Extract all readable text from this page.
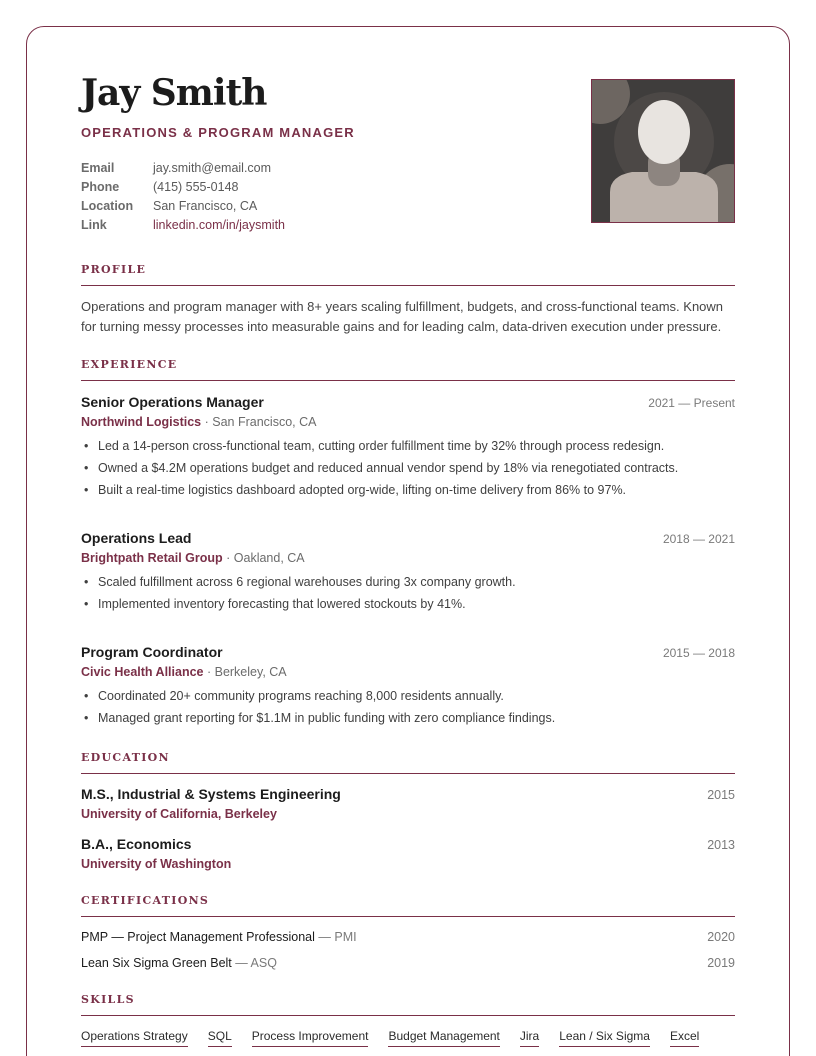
Jay Smith
OPERATIONS & PROGRAM MANAGER
Email	jay.smith@email.com
Phone	(415) 555-0148
Location	San Francisco, CA
Link	linkedin.com/in/jaysmith
PROFILE
Operations and program manager with 8+ years scaling fulfillment, budgets, and cross-functional teams. Known for turning messy processes into measurable gains and for leading calm, data-driven execution under pressure.
EXPERIENCE
Senior Operations Manager	2021 — Present
Northwind Logistics · San Francisco, CA
• Led a 14-person cross-functional team, cutting order fulfillment time by 32% through process redesign.
• Owned a $4.2M operations budget and reduced annual vendor spend by 18% via renegotiated contracts.
• Built a real-time logistics dashboard adopted org-wide, lifting on-time delivery from 86% to 97%.
Operations Lead	2018 — 2021
Brightpath Retail Group · Oakland, CA
• Scaled fulfillment across 6 regional warehouses during 3x company growth.
• Implemented inventory forecasting that lowered stockouts by 41%.
Program Coordinator	2015 — 2018
Civic Health Alliance · Berkeley, CA
• Coordinated 20+ community programs reaching 8,000 residents annually.
• Managed grant reporting for $1.1M in public funding with zero compliance findings.
EDUCATION
M.S., Industrial & Systems Engineering	2015
University of California, Berkeley
B.A., Economics	2013
University of Washington
CERTIFICATIONS
PMP — Project Management Professional — PMI	2020
Lean Six Sigma Green Belt — ASQ	2019
SKILLS
Operations Strategy SQL Process Improvement Budget Management Jira Lean / Six Sigma Excel
